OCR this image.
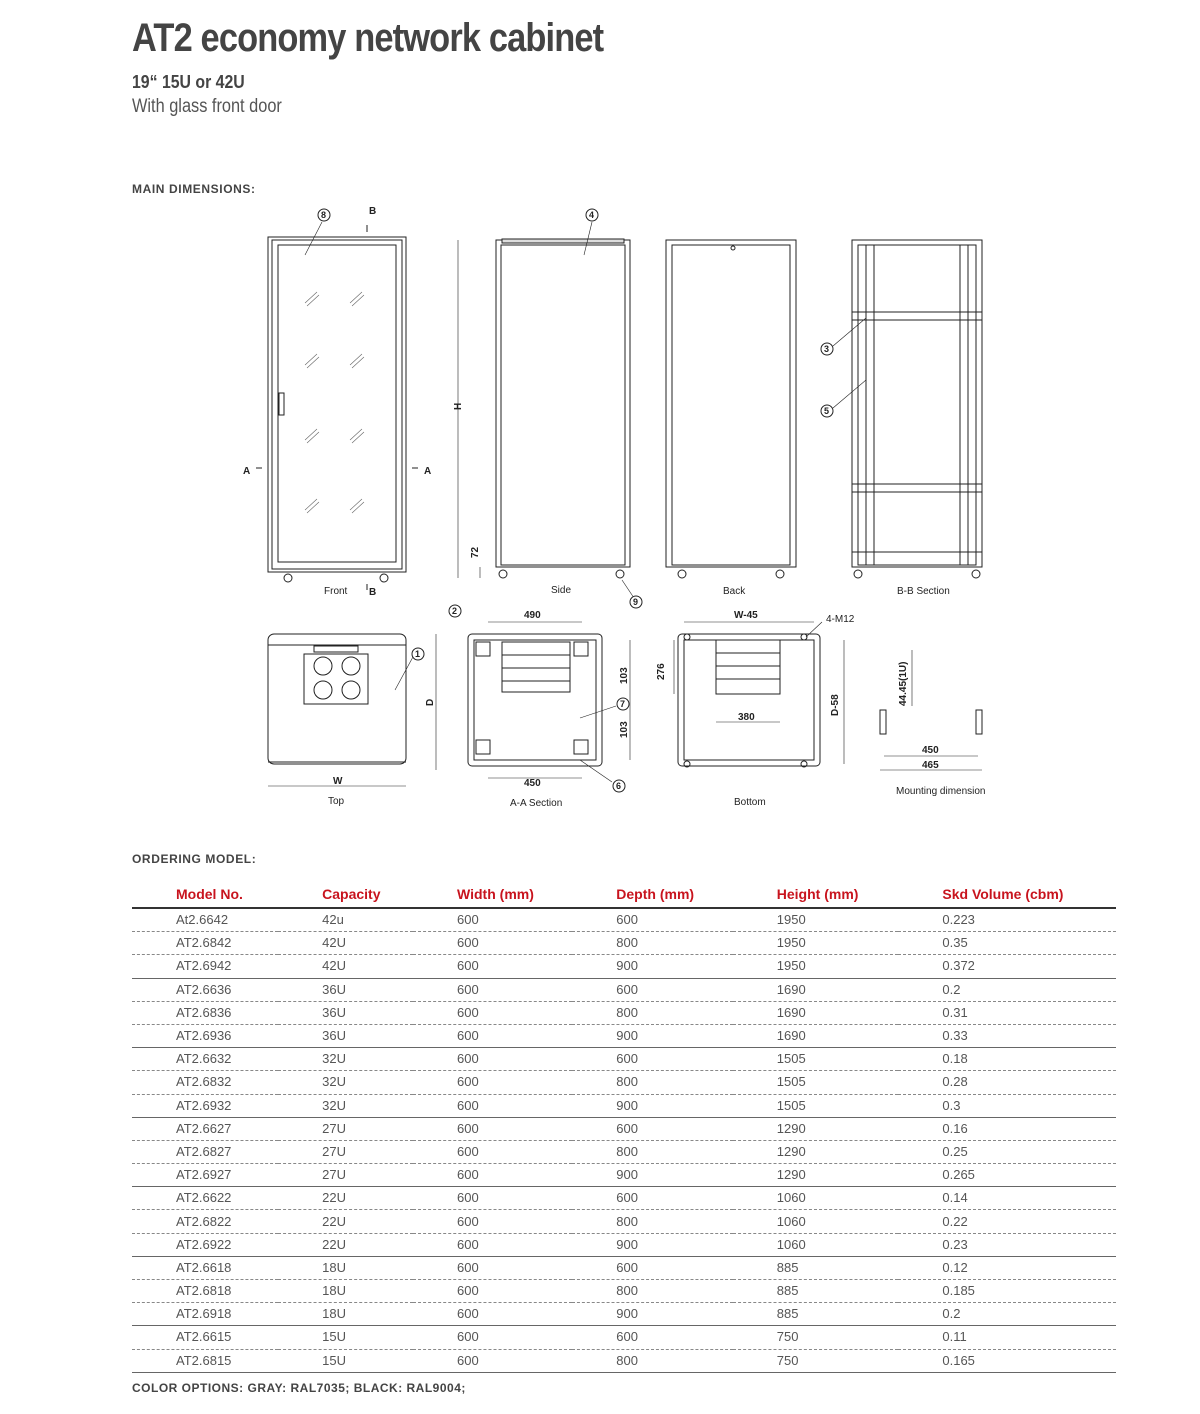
AT2 economy network cabinet
19“ 15U or 42U
With glass front door
MAIN DIMENSIONS:
8	4
3
5
9
1
2
7
6
A	A
B
B
H
72
D
W
490
450
103
103
W-45	4-M12
276
380
D-58	44.45(1U)
450
465
Front	Side	Back	B-B Section
Top	A-A Section	Bottom
Mounting dimension
ORDERING MODEL:
Model No.	Capacity	Width (mm)	Depth (mm)	Height (mm)	Skd Volume (cbm)
At2.6642	42u	600	600	1950	0.223
AT2.6842	42U	600	800	1950	0.35
AT2.6942	42U	600	900	1950	0.372
AT2.6636	36U	600	600	1690	0.2
AT2.6836	36U	600	800	1690	0.31
AT2.6936	36U	600	900	1690	0.33
AT2.6632	32U	600	600	1505	0.18
AT2.6832	32U	600	800	1505	0.28
AT2.6932	32U	600	900	1505	0.3
AT2.6627	27U	600	600	1290	0.16
AT2.6827	27U	600	800	1290	0.25
AT2.6927	27U	600	900	1290	0.265
AT2.6622	22U	600	600	1060	0.14
AT2.6822	22U	600	800	1060	0.22
AT2.6922	22U	600	900	1060	0.23
AT2.6618	18U	600	600	885	0.12
AT2.6818	18U	600	800	885	0.185
AT2.6918	18U	600	900	885	0.2
AT2.6615	15U	600	600	750	0.11
AT2.6815	15U	600	800	750	0.165
COLOR OPTIONS: GRAY: RAL7035; BLACK: RAL9004;
